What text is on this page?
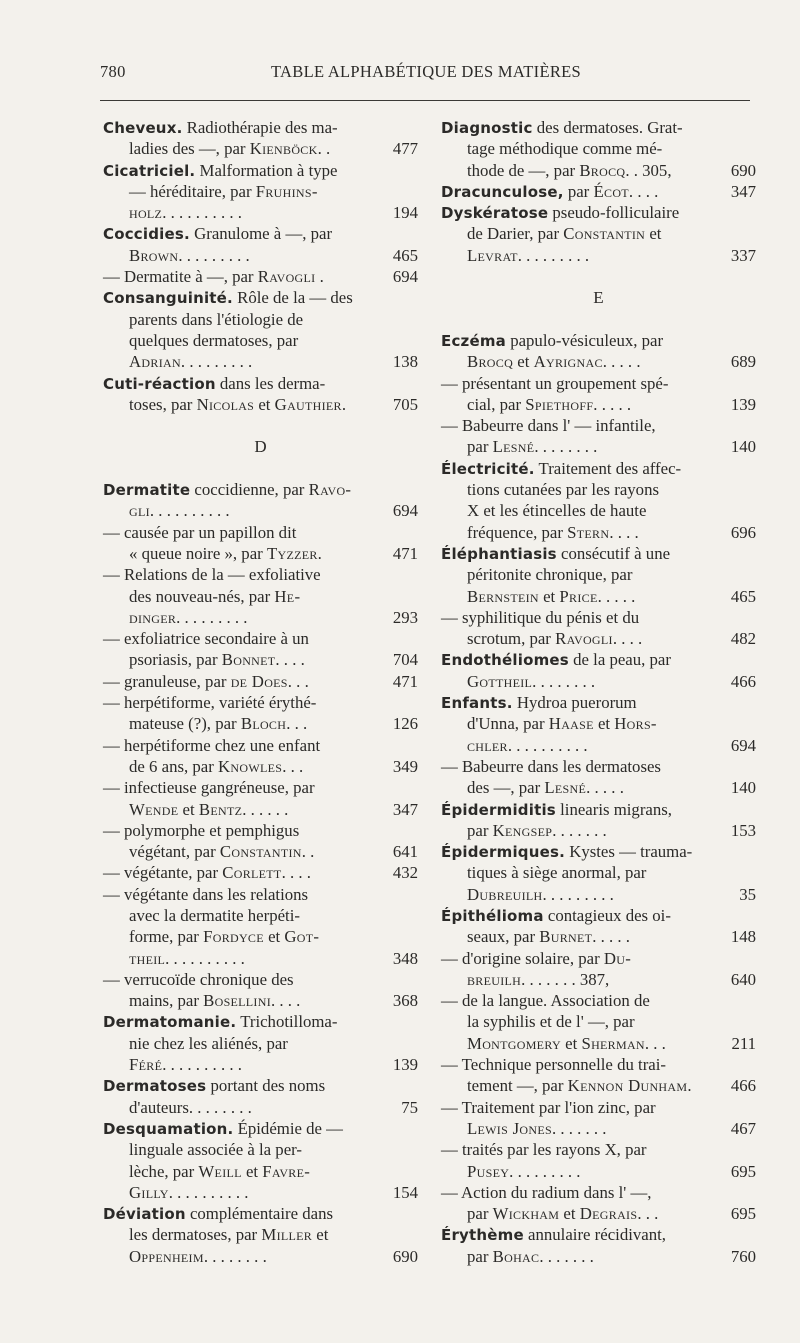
780	TABLE ALPHABÉTIQUE DES MATIÈRES
Cheveux. Radiothérapie des ma-
ladies des —, par Kienböck. .	477
Cicatriciel. Malformation à type
— héréditaire, par Fruhins-
holz. . . . . . . . . .	194
Coccidies. Granulome à —, par
Brown. . . . . . . . .	465
— Dermatite à —, par Ravogli .	694
Consanguinité. Rôle de la — des
parents dans l'étiologie de
quelques dermatoses, par
Adrian. . . . . . . . .	138
Cuti-réaction dans les derma-
toses, par Nicolas et Gauthier.	705
D
Dermatite coccidienne, par Ravo-
gli. . . . . . . . . .	694
— causée par un papillon dit
« queue noire », par Tyzzer.	471
— Relations de la — exfoliative
des nouveau-nés, par He-
dinger. . . . . . . . .	293
— exfoliatrice secondaire à un
psoriasis, par Bonnet. . . .	704
— granuleuse, par de Does. . .	471
— herpétiforme, variété érythé-
mateuse (?), par Bloch. . .	126
— herpétiforme chez une enfant
de 6 ans, par Knowles. . .	349
— infectieuse gangréneuse, par
Wende et Bentz. . . . . .	347
— polymorphe et pemphigus
végétant, par Constantin. .	641
— végétante, par Corlett. . . .	432
— végétante dans les relations
avec la dermatite herpéti-
forme, par Fordyce et Got-
theil. . . . . . . . . .	348
— verrucoïde chronique des
mains, par Bosellini. . . .	368
Dermatomanie. Trichotilloma-
nie chez les aliénés, par
Féré. . . . . . . . . .	139
Dermatoses portant des noms
d'auteurs. . . . . . . .	75
Desquamation. Épidémie de —
linguale associée à la per-
lèche, par Weill et Favre-
Gilly. . . . . . . . . .	154
Déviation complémentaire dans
les dermatoses, par Miller et
Oppenheim. . . . . . . .	690
Diagnostic des dermatoses. Grat-
tage méthodique comme mé-
thode de —, par Brocq. . 305,	690
Dracunculose, par Écot. . . .	347
Dyskératose pseudo-folliculaire
de Darier, par Constantin et
Levrat. . . . . . . . .	337
E
Eczéma papulo-vésiculeux, par
Brocq et Ayrignac. . . . .	689
— présentant un groupement spé-
cial, par Spiethoff. . . . .	139
— Babeurre dans l' — infantile,
par Lesné. . . . . . . .	140
Électricité. Traitement des affec-
tions cutanées par les rayons
X et les étincelles de haute
fréquence, par Stern. . . .	696
Éléphantiasis consécutif à une
péritonite chronique, par
Bernstein et Price. . . . .	465
— syphilitique du pénis et du
scrotum, par Ravogli. . . .	482
Endothéliomes de la peau, par
Gottheil. . . . . . . .	466
Enfants. Hydroa puerorum
d'Unna, par Haase et Hors-
chler. . . . . . . . . .	694
— Babeurre dans les dermatoses
des —, par Lesné. . . . .	140
Épidermiditis linearis migrans,
par Kengsep. . . . . . .	153
Épidermiques. Kystes — trauma-
tiques à siège anormal, par
Dubreuilh. . . . . . . . .	35
Épithélioma contagieux des oi-
seaux, par Burnet. . . . .	148
— d'origine solaire, par Du-
breuilh. . . . . . . 387,	640
— de la langue. Association de
la syphilis et de l' —, par
Montgomery et Sherman. . .	211
— Technique personnelle du trai-
tement —, par Kennon Dunham. 466
— Traitement par l'ion zinc, par
Lewis Jones. . . . . . .	467
— traités par les rayons X, par
Pusey. . . . . . . . .	695
— Action du radium dans l' —,
par Wickham et Degrais. . .	695
Érythème annulaire récidivant,
par Bohac. . . . . . .	760
